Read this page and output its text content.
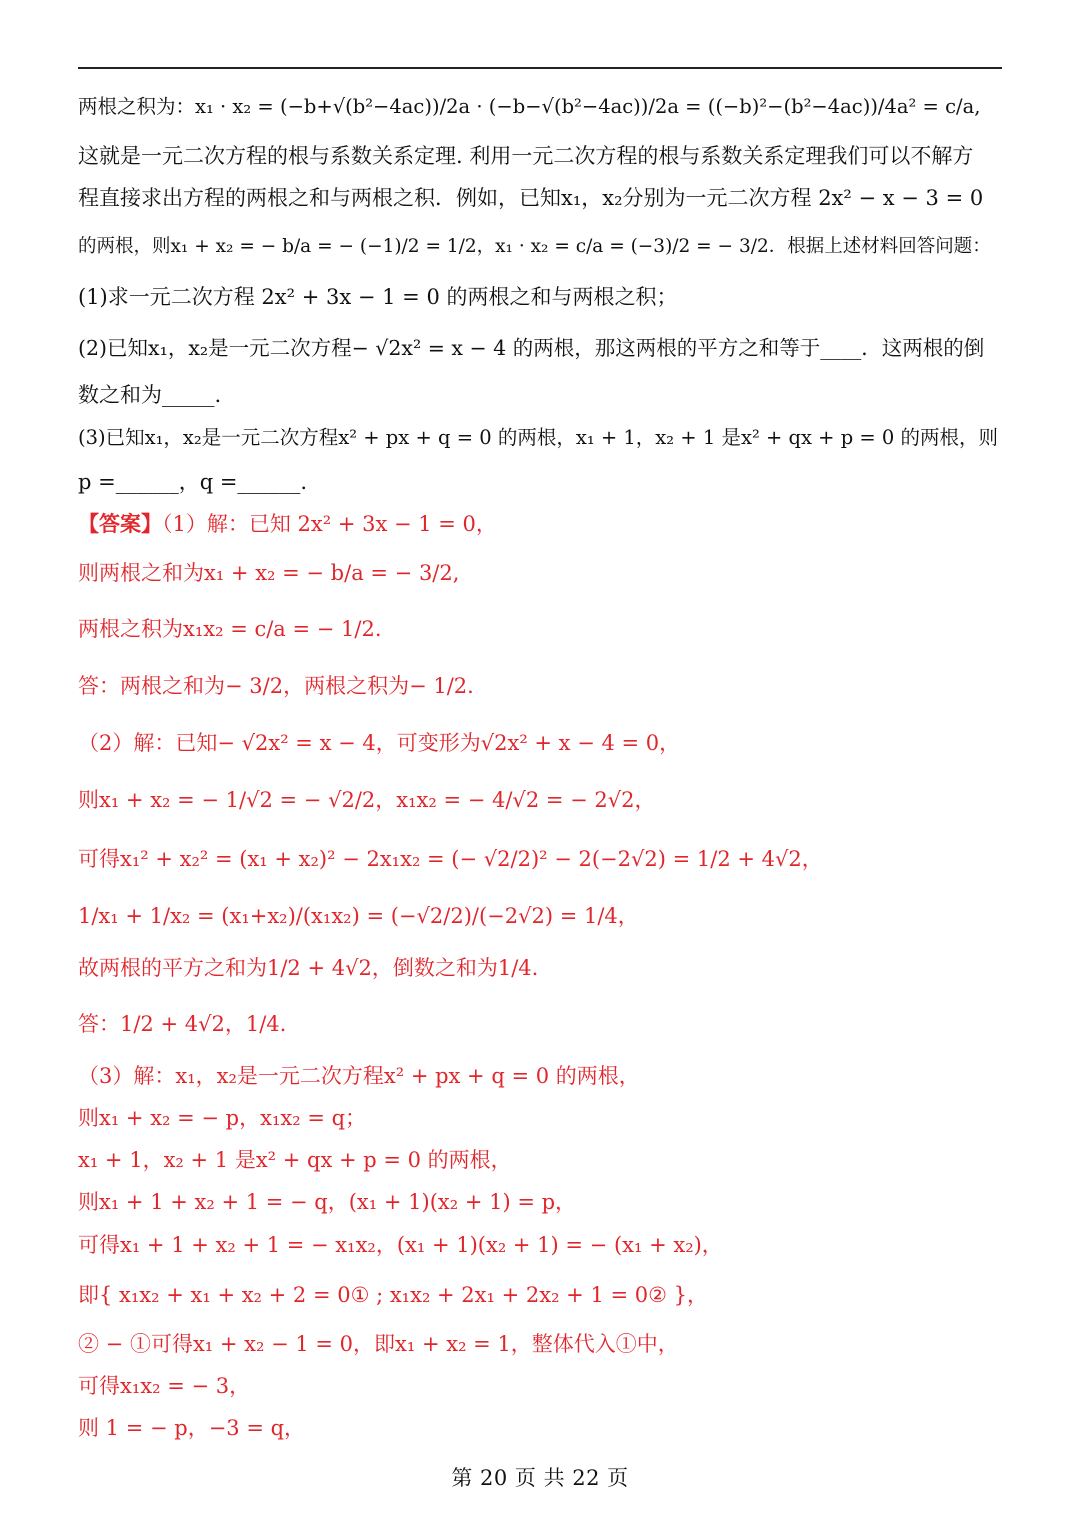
两根之积为：x₁ · x₂ = (−b+√(b²−4ac))/2a · (−b−√(b²−4ac))/2a = ((−b)²−(b²−4ac))/4a² = c/a,
这就是一元二次方程的根与系数关系定理. 利用一元二次方程的根与系数关系定理我们可以不解方
程直接求出方程的两根之和与两根之积．例如，已知x₁，x₂分别为一元二次方程 2x² − x − 3 = 0
的两根，则x₁ + x₂ = − b/a = − (−1)/2 = 1/2，x₁ · x₂ = c/a = (−3)/2 = − 3/2．根据上述材料回答问题：
(1)求一元二次方程 2x² + 3x − 1 = 0 的两根之和与两根之积；
(2)已知x₁，x₂是一元二次方程− √2x² = x − 4 的两根，那这两根的平方之和等于____．这两根的倒
数之和为_____.
(3)已知x₁，x₂是一元二次方程x² + px + q = 0 的两根，x₁ + 1，x₂ + 1 是x² + qx + p = 0 的两根，则
p =______，q =______.
【答案】（1）解：已知 2x² + 3x − 1 = 0，
则两根之和为x₁ + x₂ = − b/a = − 3/2,
两根之积为x₁x₂ = c/a = − 1/2.
答：两根之和为− 3/2，两根之积为− 1/2.
（2）解：已知− √2x² = x − 4，可变形为√2x² + x − 4 = 0，
则x₁ + x₂ = − 1/√2 = − √2/2，x₁x₂ = − 4/√2 = − 2√2，
可得x₁² + x₂² = (x₁ + x₂)² − 2x₁x₂ = (− √2/2)² − 2(−2√2) = 1/2 + 4√2，
1/x₁ + 1/x₂ = (x₁+x₂)/(x₁x₂) = (−√2/2)/(−2√2) = 1/4，
故两根的平方之和为1/2 + 4√2，倒数之和为1/4.
答：1/2 + 4√2，1/4.
（3）解：x₁，x₂是一元二次方程x² + px + q = 0 的两根，
则x₁ + x₂ = − p，x₁x₂ = q；
x₁ + 1，x₂ + 1 是x² + qx + p = 0 的两根，
则x₁ + 1 + x₂ + 1 = − q，(x₁ + 1)(x₂ + 1) = p，
可得x₁ + 1 + x₂ + 1 = − x₁x₂，(x₁ + 1)(x₂ + 1) = − (x₁ + x₂)，
即{ x₁x₂ + x₁ + x₂ + 2 = 0① ; x₁x₂ + 2x₁ + 2x₂ + 1 = 0② }，
② − ①可得x₁ + x₂ − 1 = 0，即x₁ + x₂ = 1，整体代入①中，
可得x₁x₂ = − 3，
则 1 = − p，−3 = q，
第 20 页 共 22 页
